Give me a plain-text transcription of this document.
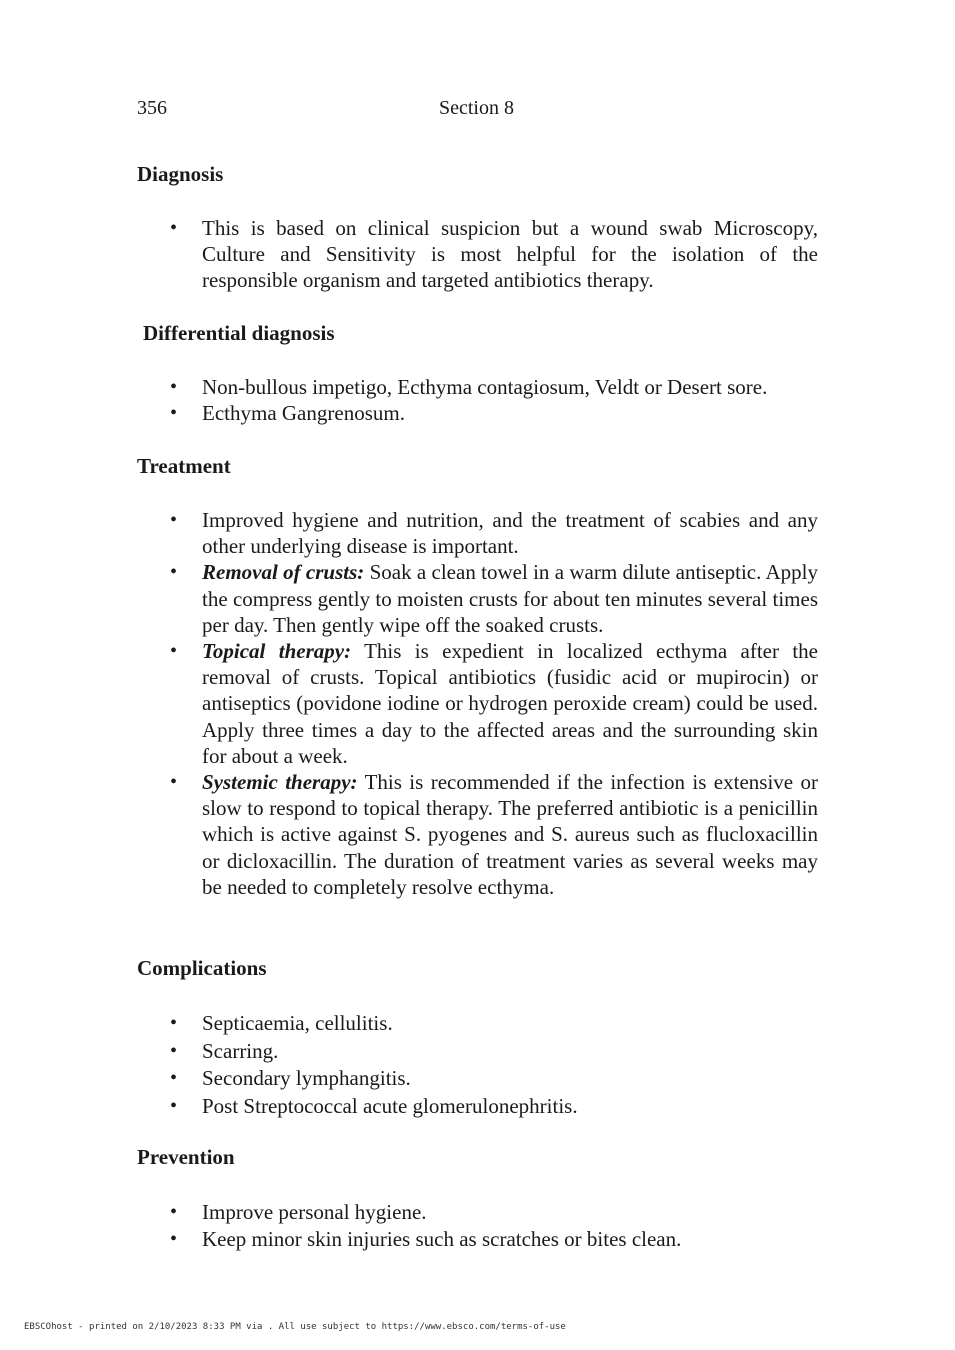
356	Section 8
Diagnosis
• This is based on clinical suspicion but a wound swab Microscopy, Culture and Sensitivity is most helpful for the isolation of the responsible organism and targeted antibiotics therapy.
Differential diagnosis
• Non-bullous impetigo, Ecthyma contagiosum, Veldt or Desert sore.
• Ecthyma Gangrenosum.
Treatment
• Improved hygiene and nutrition, and the treatment of scabies and any other underlying disease is important.
• Removal of crusts: Soak a clean towel in a warm dilute antiseptic. Apply the compress gently to moisten crusts for about ten minutes several times per day. Then gently wipe off the soaked crusts.
• Topical therapy: This is expedient in localized ecthyma after the removal of crusts. Topical antibiotics (fusidic acid or mupirocin) or antiseptics (povidone iodine or hydrogen peroxide cream) could be used. Apply three times a day to the affected areas and the surrounding skin for about a week.
• Systemic therapy: This is recommended if the infection is extensive or slow to respond to topical therapy. The preferred antibiotic is a penicillin which is active against S. pyogenes and S. aureus such as flucloxacillin or dicloxacillin. The duration of treatment varies as several weeks may be needed to completely resolve ecthyma.
Complications
• Septicaemia, cellulitis.
• Scarring.
• Secondary lymphangitis.
• Post Streptococcal acute glomerulonephritis.
Prevention
• Improve personal hygiene.
• Keep minor skin injuries such as scratches or bites clean.
EBSCOhost - printed on 2/10/2023 8:33 PM via . All use subject to https://www.ebsco.com/terms-of-use
